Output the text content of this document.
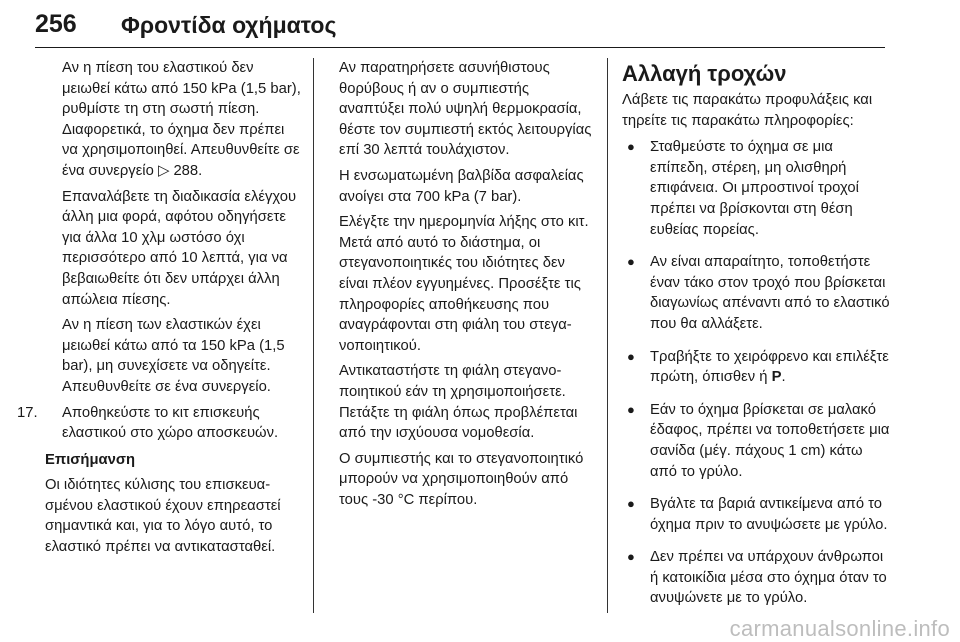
256 Φροντίδα οχήματος

Αν η πίεση του ελαστικού δεν μειωθεί κάτω από 150 kPa (1,5 bar), ρυθμίστε τη στη σωστή πίεση. Διαφορετικά, το όχημα δεν πρέπει να χρησιμοποιηθεί. Απευθυνθείτε σε ένα συνεργείο ▷ 288.

Επαναλάβετε τη διαδικασία ελέγχου άλλη μια φορά, αφότου οδηγήσετε για άλλα 10 χλμ ωστόσο όχι περισσότερο από 10 λεπτά, για να βεβαιωθείτε ότι δεν υπάρχει άλλη απώλεια πίεσης.

Αν η πίεση των ελαστικών έχει μειωθεί κάτω από τα 150 kPa (1,5 bar), μη συνεχίσετε να οδηγείτε. Απευθυνθείτε σε ένα συνεργείο.

17.	Αποθηκεύστε το κιτ επισκευής ελαστικού στο χώρο αποσκευών.

Επισήμανση

Οι ιδιότητες κύλισης του επισκευασμένου ελαστικού έχουν επηρεαστεί σημαντικά και, για το λόγο αυτό, το ελαστικό πρέπει να αντικατασταθεί.

Αν παρατηρήσετε ασυνήθιστους θορύβους ή αν ο συμπιεστής αναπτύξει πολύ υψηλή θερμοκρασία, θέστε τον συμπιεστή εκτός λειτουργίας επί 30 λεπτά τουλάχιστον.

Η ενσωματωμένη βαλβίδα ασφαλείας ανοίγει στα 700 kPa (7 bar).

Ελέγξτε την ημερομηνία λήξης στο κιτ. Μετά από αυτό το διάστημα, οι στεγανοποιητικές του ιδιότητες δεν είναι πλέον εγγυημένες. Προσέξτε τις πληροφορίες αποθήκευσης που αναγράφονται στη φιάλη του στεγανοποιητικού.

Αντικαταστήστε τη φιάλη στεγανοποιητικού εάν τη χρησιμοποιήσετε. Πετάξτε τη φιάλη όπως προβλέπεται από την ισχύουσα νομοθεσία.

Ο συμπιεστής και το στεγανοποιητικό μπορούν να χρησιμοποιηθούν από τους -30 °C περίπου.

Αλλαγή τροχών

Λάβετε τις παρακάτω προφυλάξεις και τηρείτε τις παρακάτω πληροφορίες:

●	Σταθμεύστε το όχημα σε μια επίπεδη, στέρεη, μη ολισθηρή επιφάνεια. Οι μπροστινοί τροχοί πρέπει να βρίσκονται στη θέση ευθείας πορείας.
●	Αν είναι απαραίτητο, τοποθετήστε έναν τάκο στον τροχό που βρίσκεται διαγωνίως απέναντι από το ελαστικό που θα αλλάξετε.
●	Τραβήξτε το χειρόφρενο και επιλέξτε πρώτη, όπισθεν ή P.
●	Εάν το όχημα βρίσκεται σε μαλακό έδαφος, πρέπει να τοποθετήσετε μια σανίδα (μέγ. πάχους 1 cm) κάτω από το γρύλο.
●	Βγάλτε τα βαριά αντικείμενα από το όχημα πριν το ανυψώσετε με γρύλο.
●	Δεν πρέπει να υπάρχουν άνθρωποι ή κατοικίδια μέσα στο όχημα όταν το ανυψώνετε με το γρύλο.
carmanualsonline.info
